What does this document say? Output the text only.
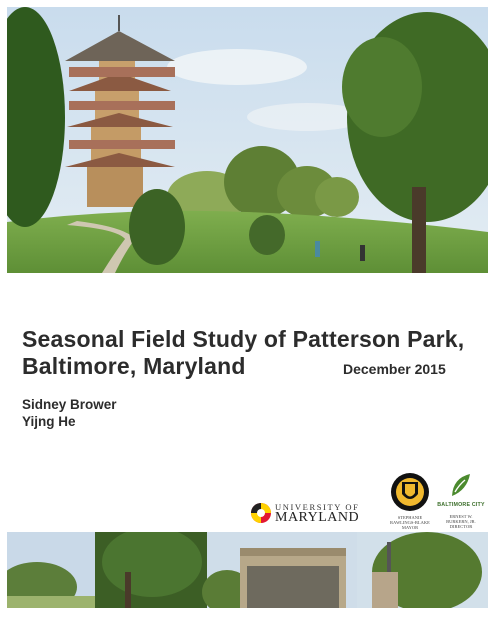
Seasonal Field Study of Patterson Park, Baltimore, Maryland	December 2015
Sidney Brower
Yijng He
UNIVERSITY OF
MARYLAND	STEPHANIE
RAWLINGS-BLAKE
MAYOR
BALTIMORE CITY
ERNEST W.
BURKERN, JR.
DIRECTOR
